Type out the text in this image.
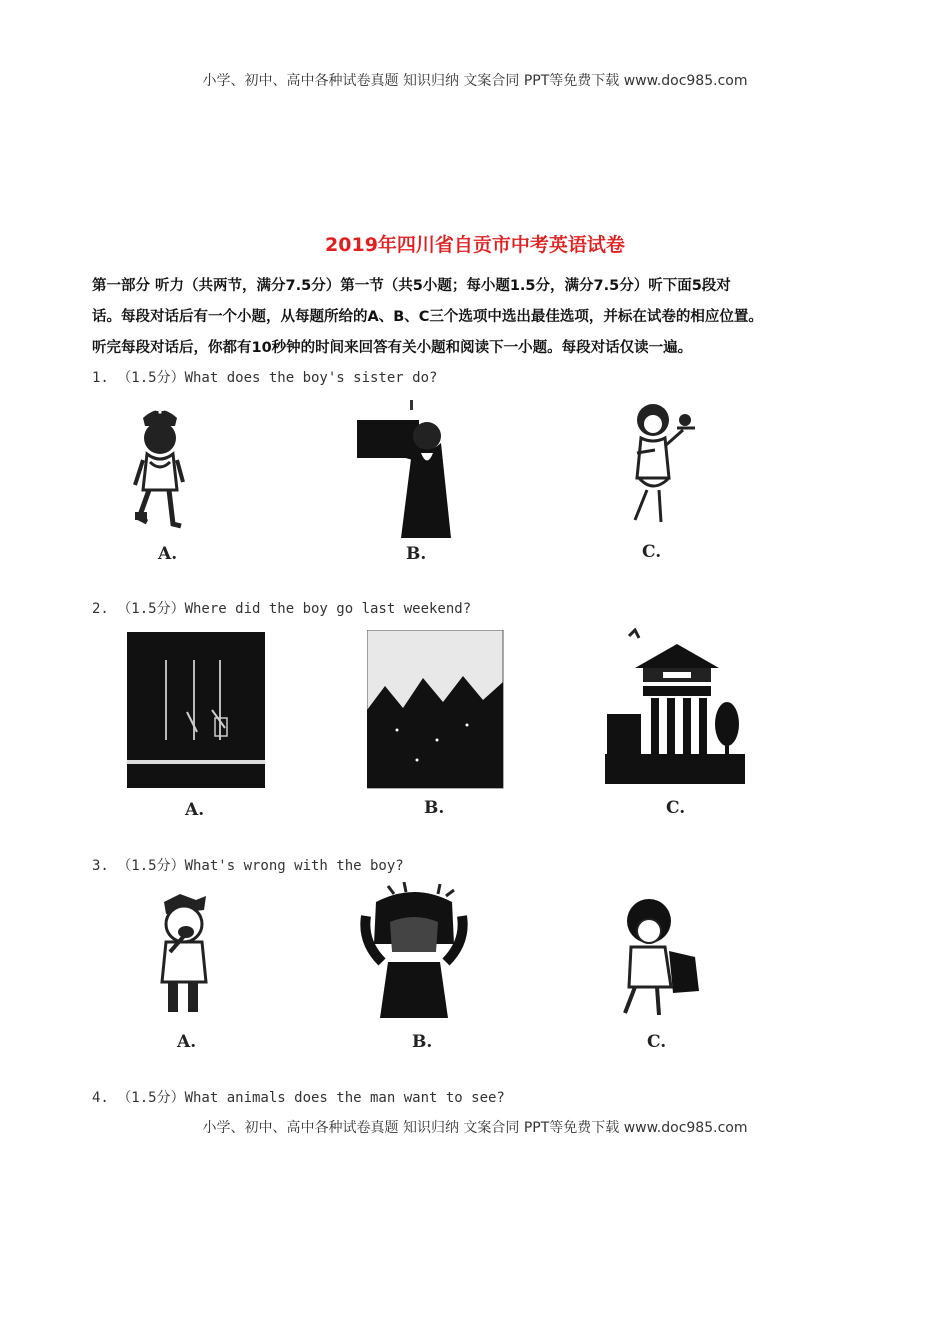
小学、初中、高中各种试卷真题 知识归纳 文案合同 PPT等免费下载 www.doc985.com
2019年四川省自贡市中考英语试卷
第一部分 听力（共两节，满分7.5分）第一节（共5小题；每小题1.5分，满分7.5分）听下面5段对
话。每段对话后有一个小题，从每题所给的A、B、C三个选项中选出最佳选项，并标在试卷的相应位置。
听完每段对话后，你都有10秒钟的时间来回答有关小题和阅读下一小题。每段对话仅读一遍。
1. （1.5分）What does the boy's sister do?
A.	B.	C.
2. （1.5分）Where did the boy go last weekend?
A.	B.	C.
3. （1.5分）What's wrong with the boy?
A.	B.	C.
4. （1.5分）What animals does the man want to see?
小学、初中、高中各种试卷真题 知识归纳 文案合同 PPT等免费下载 www.doc985.com
